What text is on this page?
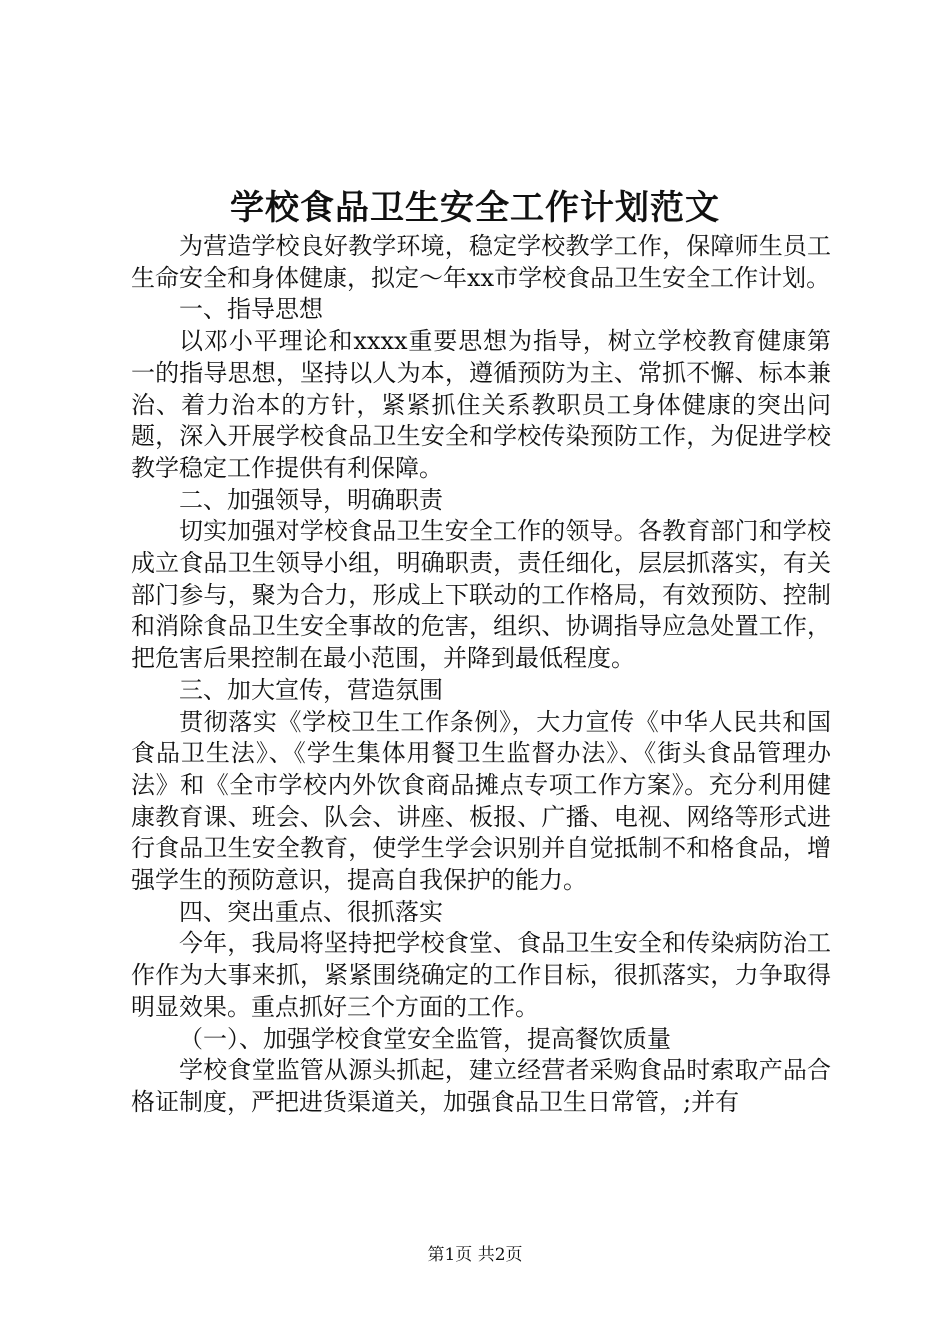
学校食品卫生安全工作计划范文

为营造学校良好教学环境，稳定学校教学工作，保障师生员工生命安全和身体健康，拟定～年xx市学校食品卫生安全工作计划。

一、指导思想

以邓小平理论和xxxx重要思想为指导，树立学校教育健康第一的指导思想，坚持以人为本，遵循预防为主、常抓不懈、标本兼治、着力治本的方针，紧紧抓住关系教职员工身体健康的突出问题，深入开展学校食品卫生安全和学校传染预防工作，为促进学校教学稳定工作提供有利保障。

二、加强领导，明确职责

切实加强对学校食品卫生安全工作的领导。各教育部门和学校成立食品卫生领导小组，明确职责，责任细化，层层抓落实，有关部门参与，聚为合力，形成上下联动的工作格局，有效预防、控制和消除食品卫生安全事故的危害，组织、协调指导应急处置工作，把危害后果控制在最小范围，并降到最低程度。

三、加大宣传，营造氛围

贯彻落实《学校卫生工作条例》，大力宣传《中华人民共和国食品卫生法》、《学生集体用餐卫生监督办法》、《街头食品管理办法》和《全市学校内外饮食商品摊点专项工作方案》。充分利用健康教育课、班会、队会、讲座、板报、广播、电视、网络等形式进行食品卫生安全教育，使学生学会识别并自觉抵制不和格食品，增强学生的预防意识，提高自我保护的能力。

四、突出重点、很抓落实

今年，我局将坚持把学校食堂、食品卫生安全和传染病防治工作作为大事来抓，紧紧围绕确定的工作目标，很抓落实，力争取得明显效果。重点抓好三个方面的工作。

（一）、加强学校食堂安全监管，提高餐饮质量

学校食堂监管从源头抓起，建立经营者采购食品时索取产品合格证制度，严把进货渠道关，加强食品卫生日常管，;并有

第1页 共2页
